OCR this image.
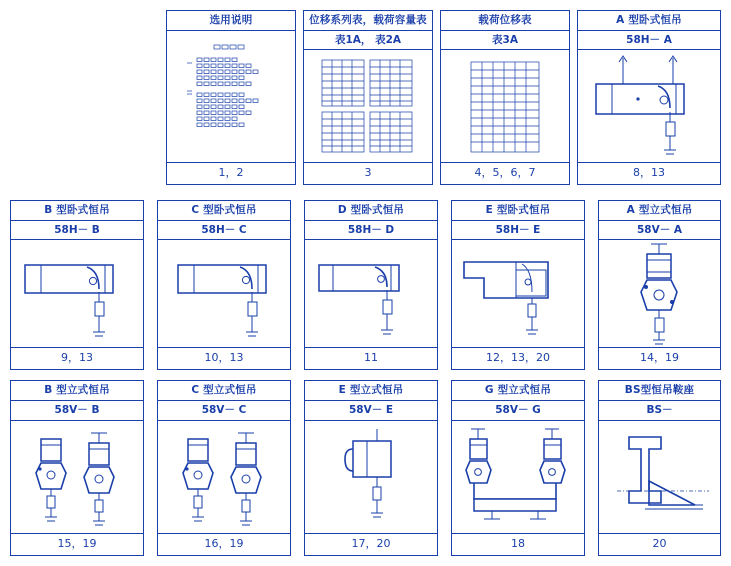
选用说明
1，2
位移系列表，载荷容量表
表1A， 表2A
3
载荷位移表
表3A
4，5，6，7
A 型卧式恒吊
58H－ A
8，13
B 型卧式恒吊
58H－ B
9，13
C 型卧式恒吊
58H－ C
10，13
D 型卧式恒吊
58H－ D
11
E 型卧式恒吊
58H－ E
12，13，20
A 型立式恒吊
58V－ A
14，19
B 型立式恒吊
58V－ B
15，19
C 型立式恒吊
58V－ C
16，19
E 型立式恒吊
58V－ E
17，20
G 型立式恒吊
58V－ G
18
BS型恒吊鞍座
BS－
20
